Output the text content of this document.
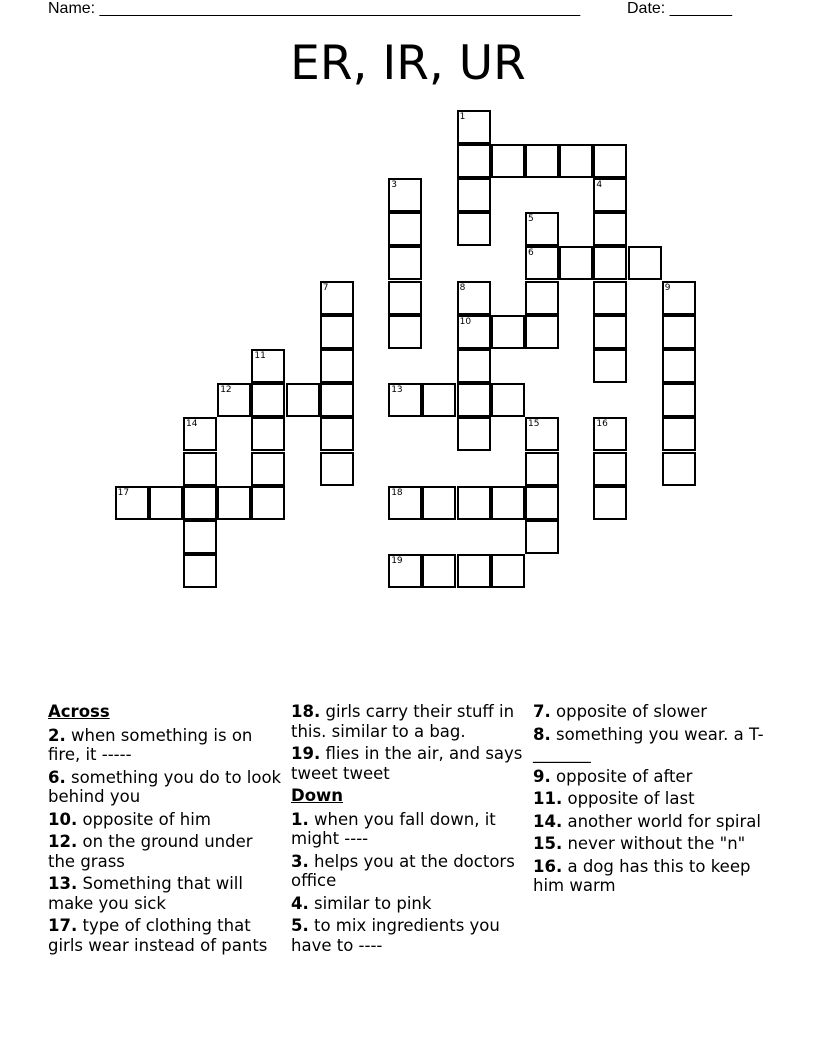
Name: ______________________________________________________	Date: _______
ER, IR, UR
1
3	4
5
6
7	8	9
10
11
12	13
14	15	16
17	18
19
Across
2. when something is on fire, it -----
6. something you do to look behind you
10. opposite of him
12. on the ground under the grass
13. Something that will make you sick
17. type of clothing that girls wear instead of pants
18. girls carry their stuff in this. similar to a bag.
19. flies in the air, and says tweet tweet
Down
1. when you fall down, it might ----
3. helps you at the doctors office
4. similar to pink
5. to mix ingredients you have to ----
7. opposite of slower
8. something you wear. a T-_______
9. opposite of after
11. opposite of last
14. another world for spiral
15. never without the "n"
16. a dog has this to keep him warm
